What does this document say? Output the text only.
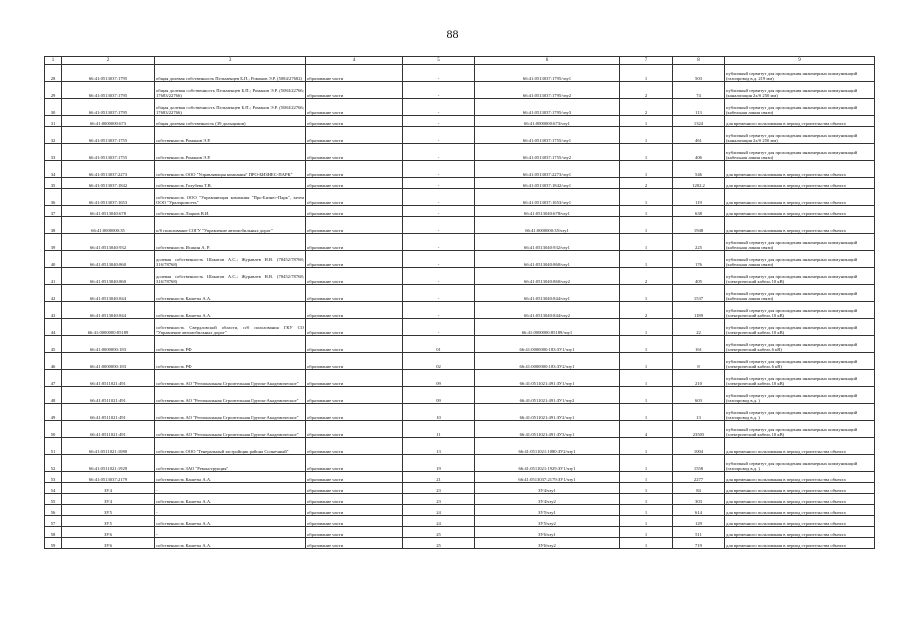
88
1	2	3	4	5	6	7	8	9
28	66:41:0513037:1795	общая долевая собственность Пельменцев Б.П.; Романов Э.Р. (5084/27682)	образование части	-	66:41:0513037:1795/чзу1	1	503	публичный сервитут для прохождения инженерных коммуникаций (газопровод в.д. 219 мм)
29	66:41:0513037:1795	общая долевая собственность Пельменцев Б.П.; Романов Э.Р. (5084/22766; 17683/22766)	образование части	-	66:41:0513037:1795/чзу2	2	74	публичный сервитут для прохождения инженерных коммуникаций (канализация 2х/б 250 мм)
30	66:41:0513037:1795	общая долевая собственность Пельменцев Б.П.; Романов Э.Р. (5084/22766; 17683/22766)	образование части	-	66:41:0513037:1795/чзу3	2	113	публичный сервитут для прохождения инженерных коммуникаций (кабельная линия связи)
31	66:41:0000000:673	общая долевая собственность (39 дольщиков)	образование части	-	66:41:0000000:673/чзу1	1	1324	для временного пользования в период строительства объекта
32	66:41:0513037:1755	собственность Романов Э.Р.	образование части	-	66:41:0513037:1755/чзу1	1	461	публичный сервитут для прохождения инженерных коммуникаций (канализация 2х/б 250 мм)
33	66:41:0513037:1755	собственность Романов Э.Р.	образование части	-	66:41:0513037:1755/чзу2	1	406	публичный сервитут для прохождения инженерных коммуникаций (кабельная линия связи)
34	66:41:0513037:2273	собственность ООО "Управляющая компания" ПРО-БИЗНЕС-ПАРК"	образование части	-	66:41:0513037:2273/чзу1	1	546	для временного пользования в период строительства объекта
35	66:41:0513037:1842	собственность Голубева Т.В.	образование части	-	66:41:0513037:1842/чзу1	2	1202.2	для временного пользования в период строительства объекта
36	66:41:0513037:1653	собственность ООО "Управляющая компания "Про-Бизнес-Парк", затем ООО "Уралпромсеть"	образование части	-	66:41:0513037:1653/чзу1	1	119	для временного пользования в период строительства объекта
37	66:41:0513040:678	собственность Лацков В.И.	образование части	-	66:41:0513040:678/чзу1	1	638	для временного пользования в период строительства объекта
38	66:41:0000000:35	п/б пользование СОГУ "Управление автомобильных дорог"	образование части	-	66:41:0000000:35/чзу1	1	1948	для временного пользования в период строительства объекта
39	66:41:0513040:932	собственность Исакин А. Р.	образование части	-	66:41:0513040:932/чзу1	1	225	публичный сервитут для прохождения инженерных коммуникаций (кабельная линия связи)
40	66:41:0513040:860	долевая собственность Шакатов А.С.; Журавлев Н.В. (78452/78768; 316/78768)	образование части	-	66:41:0513040:860/чзу1	1	176	публичный сервитут для прохождения инженерных коммуникаций (кабельная линия связи)
41	66:41:0513040:860	долевая собственность Шакатов А.С.; Журавлев Н.В. (78452/78768; 316/78768)	образование части	-	66:41:0513040:860/чзу2	2	405	публичный сервитут для прохождения инженерных коммуникаций (электрический кабель 10 кВ)
42	66:41:0513040:844	собственность Кашеты А.А.	образование части	-	66:41:0513040:844/чзу1	1	1537	публичный сервитут для прохождения инженерных коммуникаций (кабельная линия связи)
43	66:41:0513040:844	собственность Кашеты А.А.	образование части	-	66:41:0513040:844/чзу2	2	1189	публичный сервитут для прохождения инженерных коммуникаций (электрический кабель 10 кВ)
44	66:41:0000000:85189	собственность Свердловской области, п/б пользования ГКУ СО "Управление автомобильных дорог"	образование части	-	66:41:0000000:85189/чзу1	1	22	публичный сервитут для прохождения инженерных коммуникаций (электрический кабель 10 кВ)
45	66:41:0000000:183	собственность РФ	образование части	01	66:41:0000000:183:ЗУ1/чзу1	1	161	публичный сервитут для прохождения инженерных коммуникаций (электрический кабель 6 кВ)
46	66:41:0000000:183	собственность РФ	образование части	02	66:41:0000000:183:ЗУ2/чзу1	1	8	публичный сервитут для прохождения инженерных коммуникаций (электрический кабель 6 кВ)
47	66:41:0511021:491	собственность АО "Региональная Строительная Группа-Академическое"	образование части	09	66:41:0511021:491:ЗУ1/чзу1	1	210	публичный сервитут для прохождения инженерных коммуникаций (электрический кабель 10 кВ)
48	66:41:0511021:491	собственность АО "Региональная Строительная Группа-Академическое"	образование части	09	66:41:0511021:491:ЗУ1/чзу2	1	603	публичный сервитут для прохождения инженерных коммуникаций (газопровод в.д. )
49	66:41:0511021:491	собственность АО "Региональная Строительная Группа-Академическое"	образование части	10	66:41:0511021:491:ЗУ2/чзу1	1	13	публичный сервитут для прохождения инженерных коммуникаций (газопровод в.д. )
50	66:41:0511021:491	собственность АО "Региональная Строительная Группа-Академическое"	образование части	11	66:41:0511021:491:ЗУ3/чзу1	4	23505	публичный сервитут для прохождения инженерных коммуникаций (электрический кабель 10 кВ)
51	66:41:0511021:1080	собственность ООО "Генеральный застройщик района Солнечный"	образование части	13	66:41:0511021:1080:ЗУ2/чзу1	1	1004	для временного пользования в период строительства объекта
52	66:41:0511021:1929	собственность ЗАО "Реконструкция"	образование части	19	66:41:0511021:1929:ЗУ1/чзу1	1	1558	публичный сервитут для прохождения инженерных коммуникаций (газопровод в.д. )
53	66:41:0513037:2179	собственность Кашеты А.А.	образование части	21	66:41:0513037:2179:ЗУ1/чзу1	1	2277	для временного пользования в период строительства объекта
54	ЗУ4	-	образование части	23	ЗУ4/чзу1	1	84	для временного пользования в период строительства объекта
55	ЗУ4	собственность Кашеты А.А.	образование части	23	ЗУ4/чзу2	1	303	для временного пользования в период строительства объекта
56	ЗУ5	-	образование части	24	ЗУ5/чзу1	1	614	для временного пользования в период строительства объекта
57	ЗУ5	собственность Кашеты А.А.	образование части	24	ЗУ5/чзу2	1	129	для временного пользования в период строительства объекта
58	ЗУ6	-	образование части	25	ЗУ6/чзу1	1	511	для временного пользования в период строительства объекта
59	ЗУ6	собственность Кашеты А.А.	образование части	25	ЗУ6/чзу2	1	719	для временного пользования в период строительства объекта
